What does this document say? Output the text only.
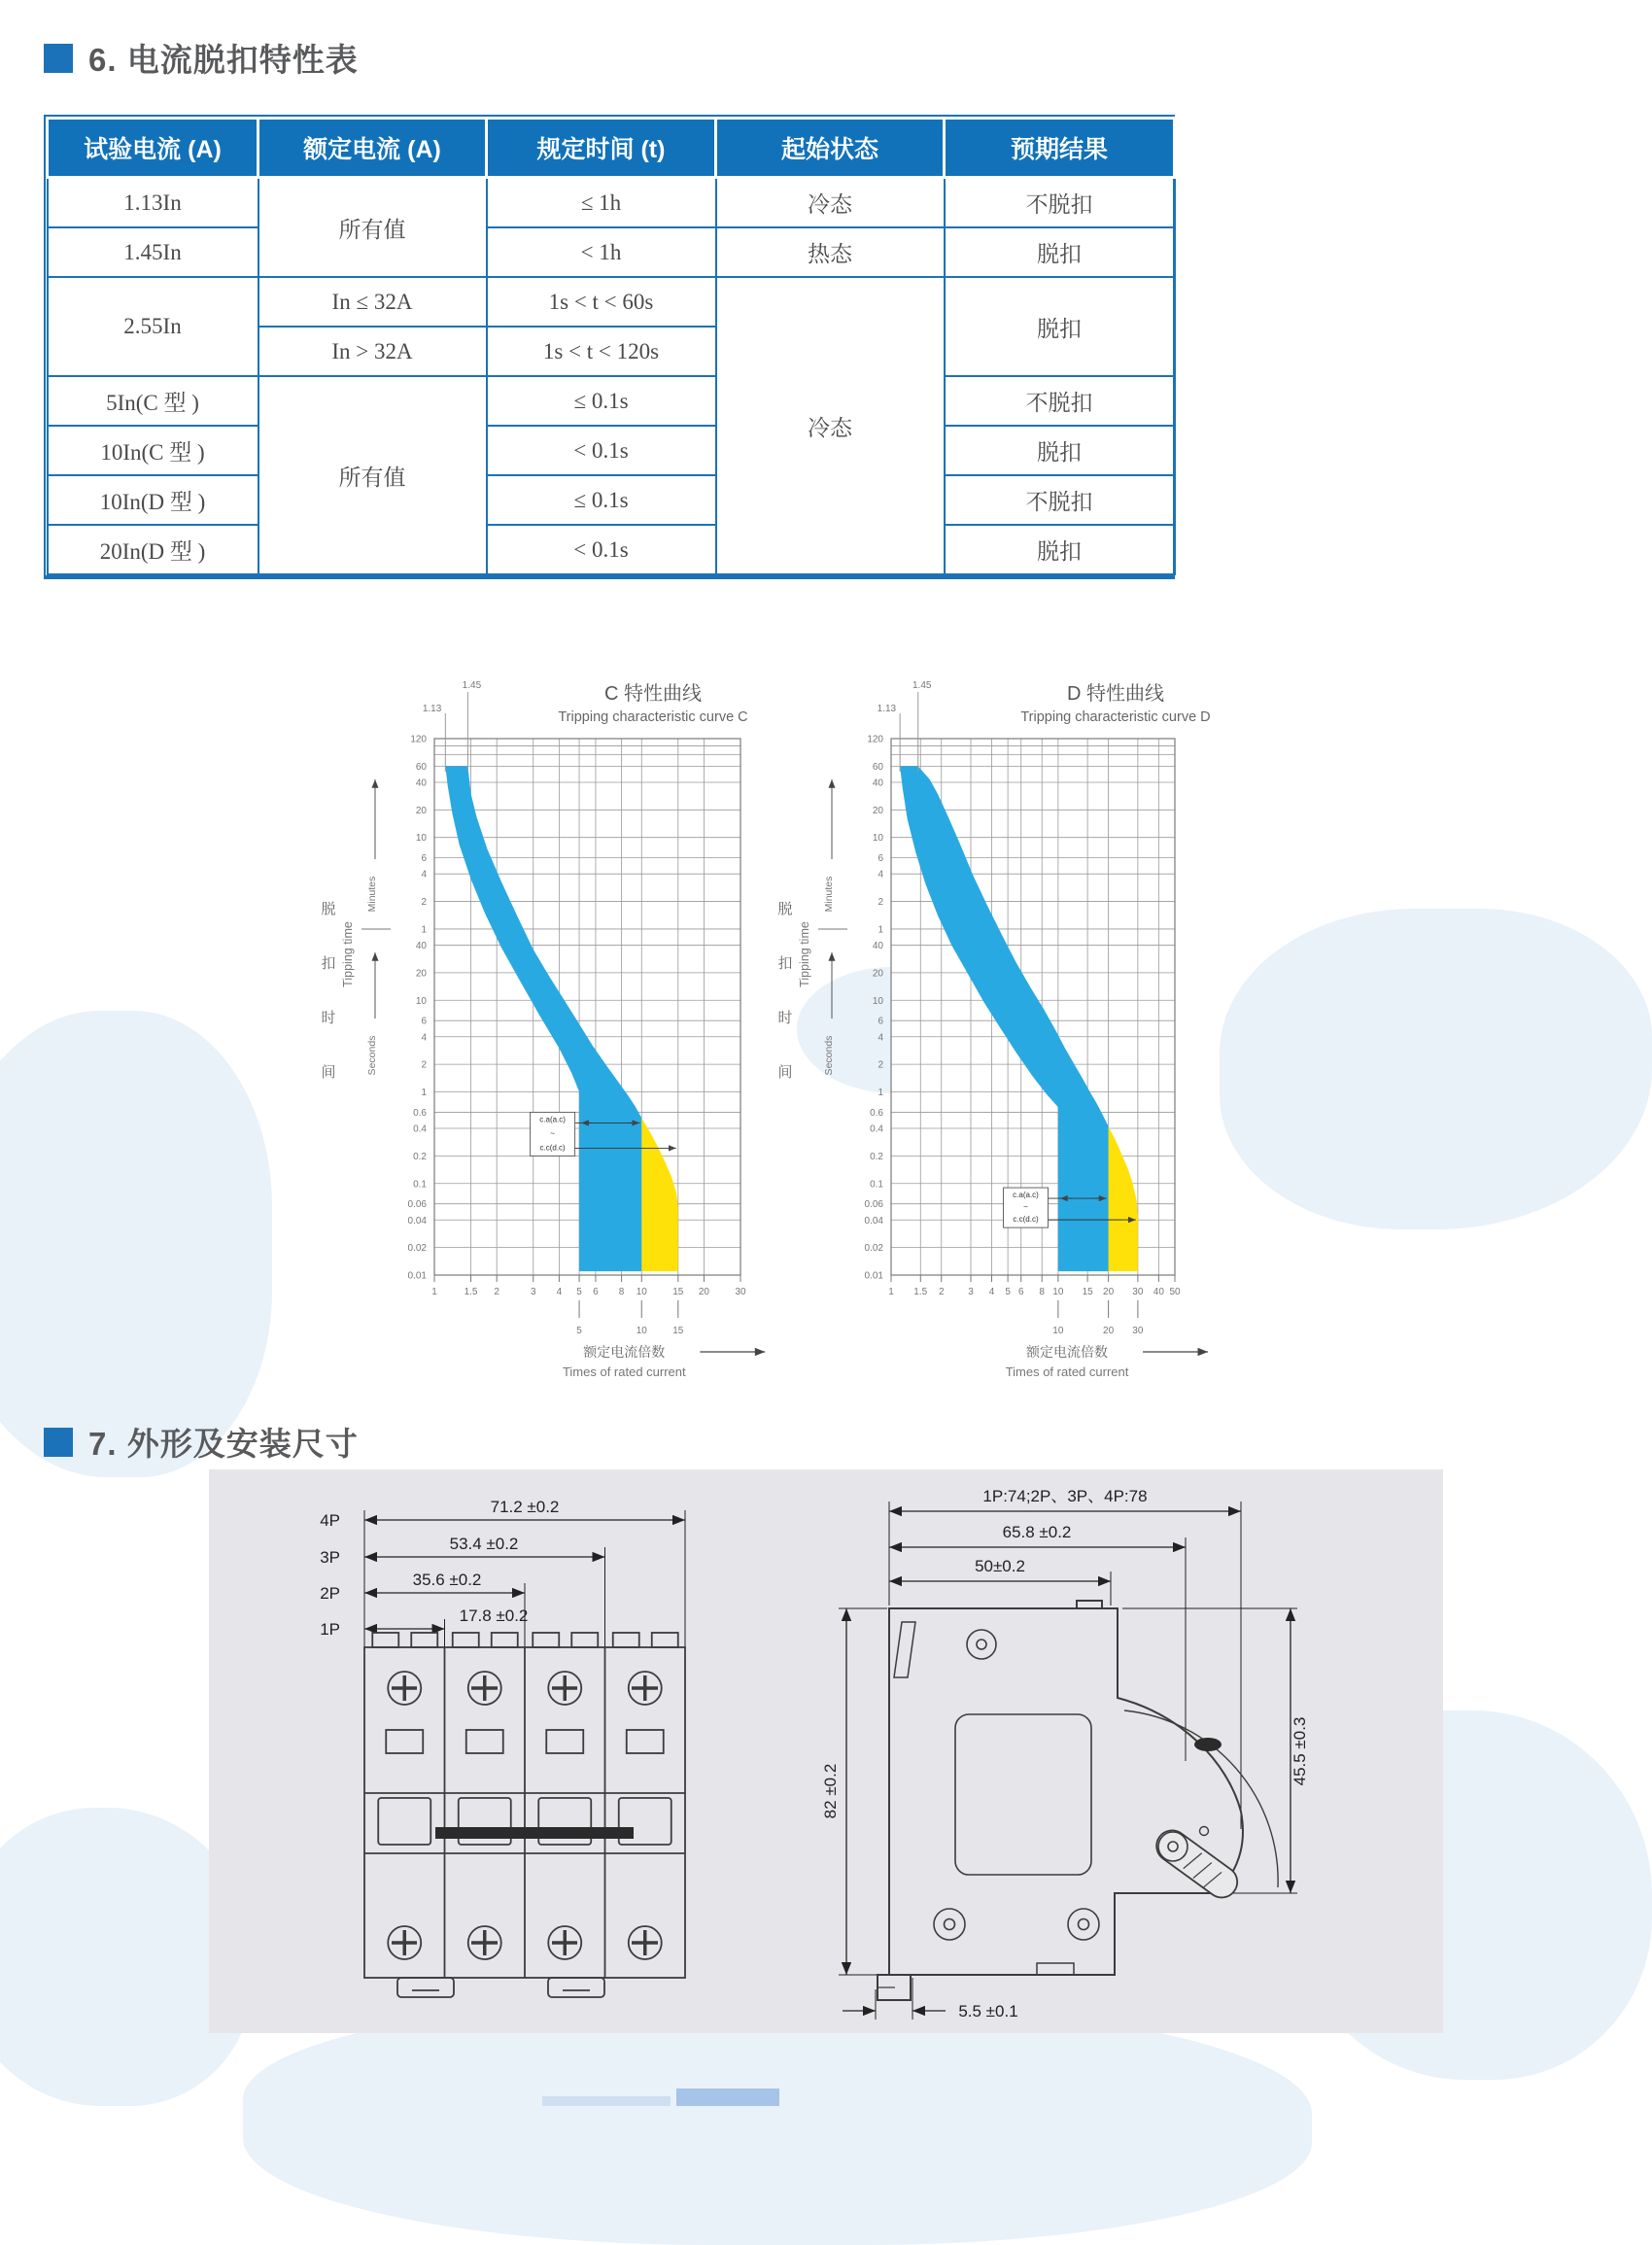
6. 电流脱扣特性表
试验电流 (A)	额定电流 (A)	规定时间 (t)	起始状态	预期结果
1.13In	所有值	≤ 1h	冷态	不脱扣
1.45In		< 1h	热态	脱扣
2.55In	In ≤ 32A	1s < t < 60s	冷态	脱扣
	In > 32A	1s < t < 120s		
5In(C 型 )	所有值	≤ 0.1s		不脱扣
10In(C 型 )		< 0.1s		脱扣
10In(D 型 )		≤ 0.1s		不脱扣
20In(D 型 )		< 0.1s		脱扣
1.45
1.13
120
60
40
20
10
6
4
2
1
40
20
10
6
4
2
1
0.6
0.4
0.2
0.1
0.06
0.04
0.02
0.01
1	1.5 2	3 4 5 6 8 10	15 20	30
5	10	15
额定电流倍数
Times of rated current
脱
扣
时
间
Tipping time
Minutes
Seconds
C 特性曲线
Tripping characteristic curve C
c.a(a.c)
~
c.c(d.c)
1.45
1.13
120
60
40
20
10
6
4
2
1
40
20
10
6
4
2
1
0.6
0.4
0.2
0.1
0.06
0.04
0.02
0.01
1 1.5 2 3 4 5 6 8 10 15 20 30 40 50
10	20 30
额定电流倍数
Times of rated current
脱
扣
时
间
Tipping time
Minutes
Seconds
D 特性曲线
Tripping characteristic curve D
c.a(a.c)
~
c.c(d.c)
7. 外形及安装尺寸
71.2 ±0.2
53.4 ±0.2
35.6 ±0.2
17.8 ±0.2
4P
3P
2P
1P
1P:74;2P、3P、4P:78
65.8 ±0.2
50±0.2
82 ±0.2
45.5 ±0.3
5.5 ±0.1
